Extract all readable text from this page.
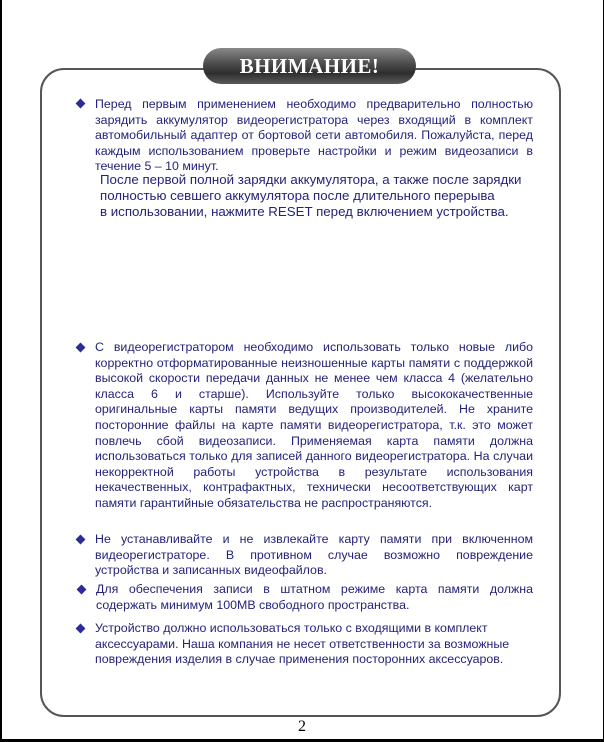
ВНИМАНИЕ!
Перед первым применением необходимо предварительно полностью зарядить аккумулятор видеорегистратора через входящий в комплект автомобильный адаптер от бортовой сети автомобиля. Пожалуйста, перед каждым использованием проверьте настройки и режим видеозаписи в течение 5 – 10 минут.
После первой полной зарядки аккумулятора, а также после зарядки
полностью севшего аккумулятора после длительного перерыва
в использовании, нажмите RESET перед включением устройства.
С видеорегистратором необходимо использовать только новые либо корректно отформатированные неизношенные карты памяти с поддержкой высокой скорости передачи данных не менее чем класса 4 (желательно класса 6 и старше). Используйте только высококачественные оригинальные карты памяти ведущих производителей. Не храните посторонние файлы на карте памяти видеорегистратора, т.к. это может повлечь сбой видеозаписи. Применяемая карта памяти должна использоваться только для записей данного видеорегистратора. На случаи некорректной работы устройства в результате использования некачественных, контрафактных, технически несоответствующих карт памяти гарантийные обязательства не распространяются.
Не устанавливайте и не извлекайте карту памяти при включенном видеорегистраторе. В противном случае возможно повреждение устройства и записанных видеофайлов.
Для обеспечения записи в штатном режиме карта памяти должна содержать минимум 100MB свободного пространства.
Устройство должно использоваться только с входящими в комплект аксессуарами. Наша компания не несет ответственности за возможные повреждения изделия в случае применения посторонних аксессуаров.
2
